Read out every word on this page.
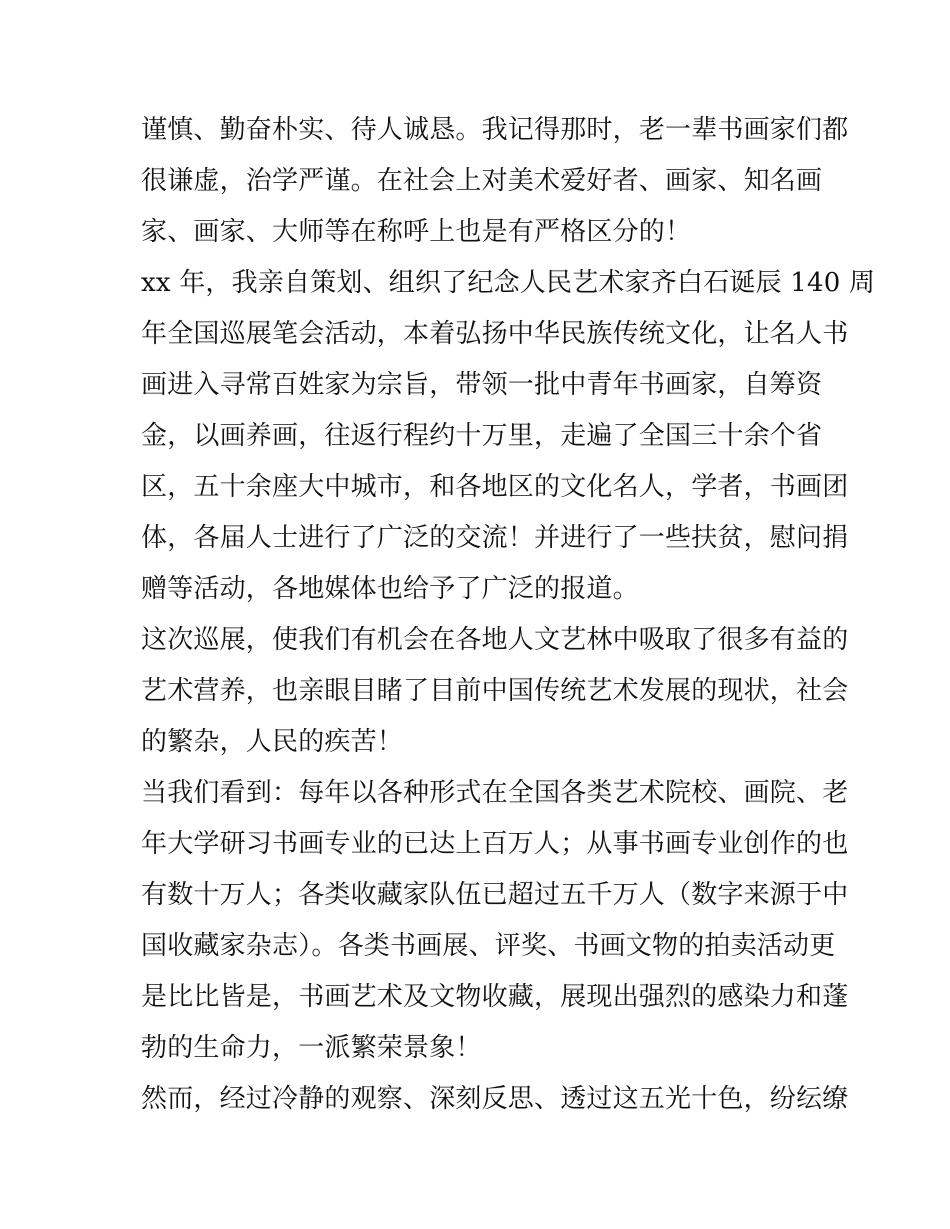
谨慎、勤奋朴实、待人诚恳。我记得那时，老一辈书画家们都
很谦虚，治学严谨。在社会上对美术爱好者、画家、知名画
家、画家、大师等在称呼上也是有严格区分的！
xx 年，我亲自策划、组织了纪念人民艺术家齐白石诞辰 140 周
年全国巡展笔会活动，本着弘扬中华民族传统文化，让名人书
画进入寻常百姓家为宗旨，带领一批中青年书画家，自筹资
金，以画养画，往返行程约十万里，走遍了全国三十余个省
区，五十余座大中城市，和各地区的文化名人，学者，书画团
体，各届人士进行了广泛的交流！并进行了一些扶贫，慰问捐
赠等活动，各地媒体也给予了广泛的报道。
这次巡展，使我们有机会在各地人文艺林中吸取了很多有益的
艺术营养，也亲眼目睹了目前中国传统艺术发展的现状，社会
的繁杂，人民的疾苦！
当我们看到：每年以各种形式在全国各类艺术院校、画院、老
年大学研习书画专业的已达上百万人；从事书画专业创作的也
有数十万人；各类收藏家队伍已超过五千万人（数字来源于中
国收藏家杂志）。各类书画展、评奖、书画文物的拍卖活动更
是比比皆是，书画艺术及文物收藏，展现出强烈的感染力和蓬
勃的生命力，一派繁荣景象！
然而，经过冷静的观察、深刻反思、透过这五光十色，纷纭缭
